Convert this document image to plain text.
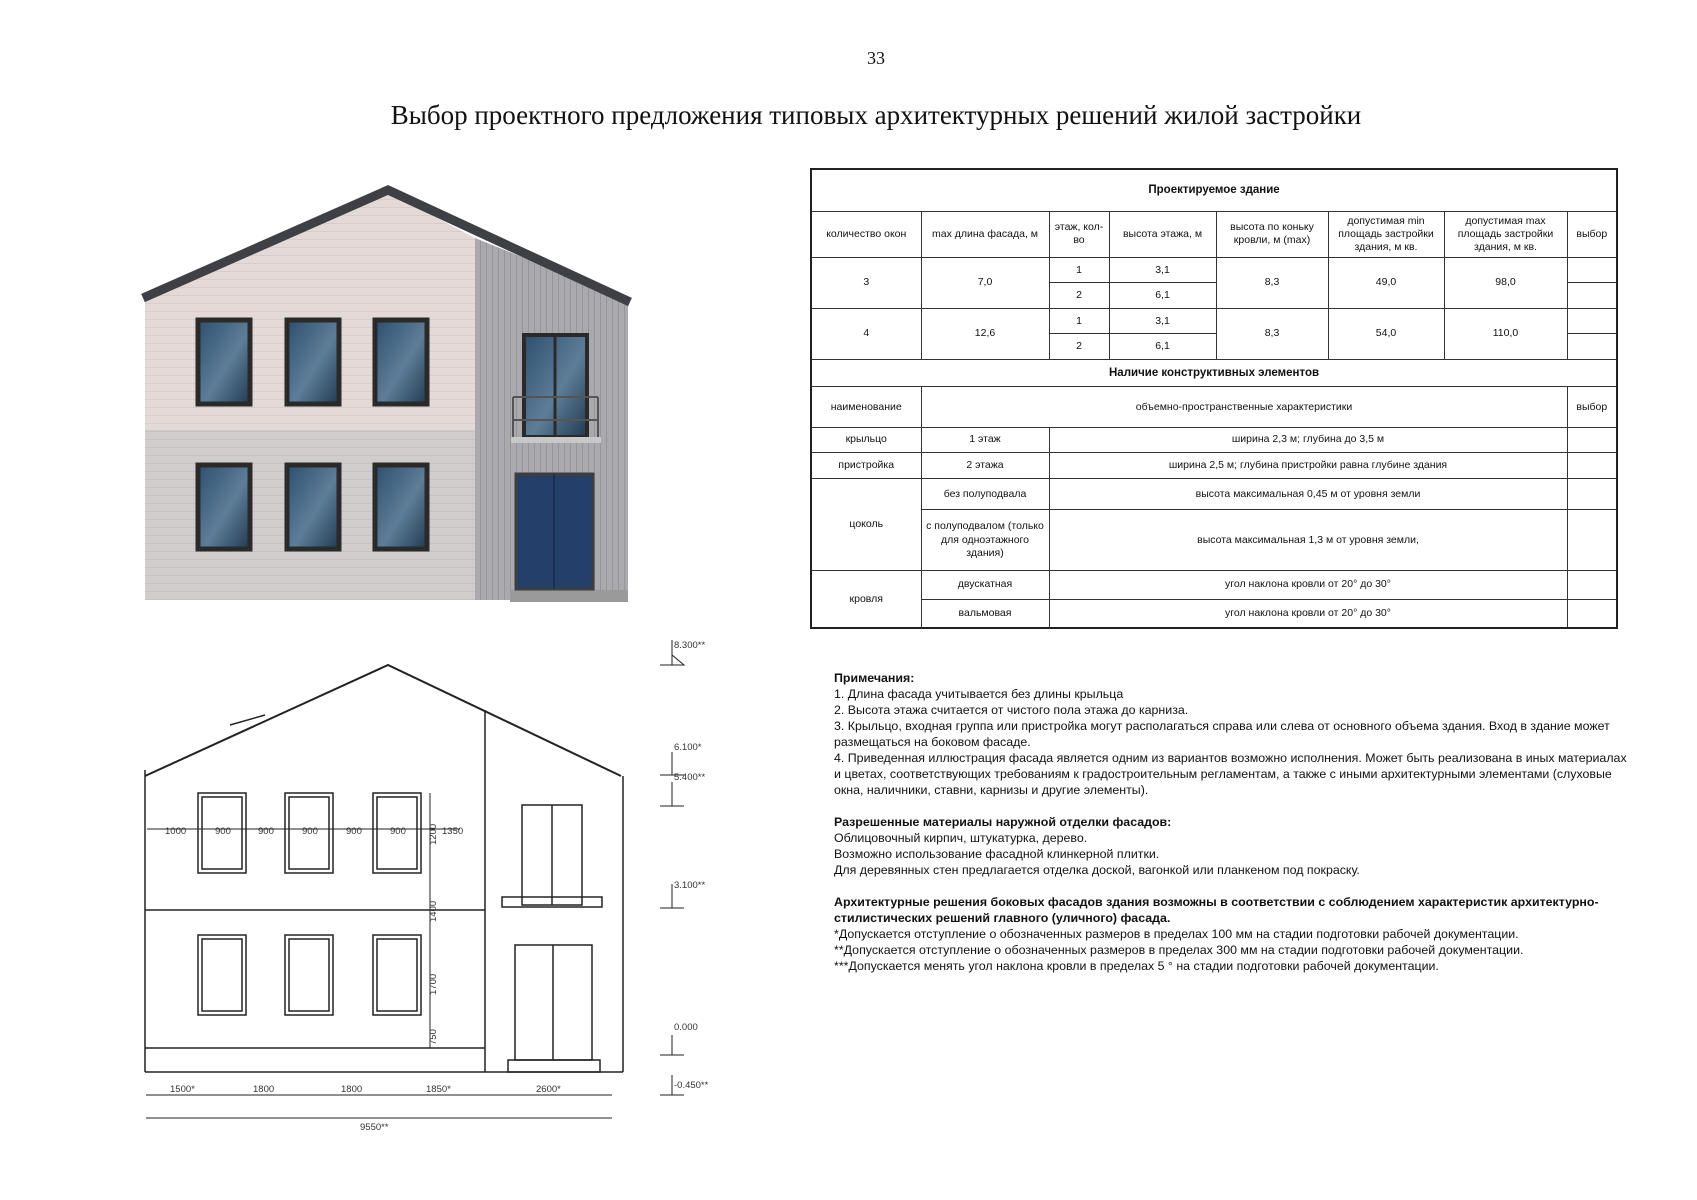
33
Выбор проектного предложения типовых архитектурных решений жилой застройки
8.300**
6.100*
5.400**
3.100**
0.000
-0.450**
1000	900	900	900	900	900	1350
1200
1400
1700
750
1500*	1800	1800	1850*	2600*
9550**
Проектируемое здание							
количество окон	max длина фасада, м	этаж, кол-во	высота этажа, м	высота по коньку кровли, м (max)	допустимая min площадь застройки здания, м кв.	допустимая max площадь застройки здания, м кв.	выбор
3	7,0	1	3,1	8,3	49,0	98,0	
		2	6,1				
4	12,6	1	3,1	8,3	54,0	110,0	
		2	6,1				
Наличие конструктивных элементов							
наименование	объемно-пространственные характеристики						выбор
крыльцо	1 этаж	ширина 2,3 м; глубина до 3,5 м					
пристройка	2 этажа	ширина 2,5 м; глубина пристройки равна глубине здания					
цоколь	без полуподвала	высота максимальная 0,45 м от уровня земли					
	с полуподвалом (только для одноэтажного здания)	высота максимальная 1,3 м от уровня земли,					
кровля	двускатная	угол наклона кровли от 20° до 30°					
	вальмовая	угол наклона кровли от 20° до 30°					

Примечания:

1. Длина фасада учитывается без длины крыльца

2. Высота этажа считается от чистого пола этажа до карниза.

3. Крыльцо, входная группа или пристройка могут располагаться справа или слева от основного объема здания. Вход в здание может размещаться на боковом фасаде.

4. Приведенная иллюстрация фасада является одним из вариантов возможно исполнения. Может быть реализована в иных материалах и цветах, соответствующих требованиям к градостроительным регламентам, а также с иными архитектурными элементами (слуховые окна, наличники, ставни, карнизы и другие элементы).

Разрешенные материалы наружной отделки фасадов:

Облицовочный кирпич, штукатурка, дерево.

Возможно использование фасадной клинкерной плитки.

Для деревянных стен предлагается отделка доской, вагонкой или планкеном под покраску.

Архитектурные решения боковых фасадов здания возможны в соответствии с соблюдением характеристик архитектурно-стилистических решений главного (уличного) фасада.

*Допускается отступление о обозначенных размеров в пределах 100 мм на стадии подготовки рабочей документации.

**Допускается отступление о обозначенных размеров в пределах 300 мм на стадии подготовки рабочей документации.

***Допускается менять угол наклона кровли в пределах 5 ° на стадии подготовки рабочей документации.
